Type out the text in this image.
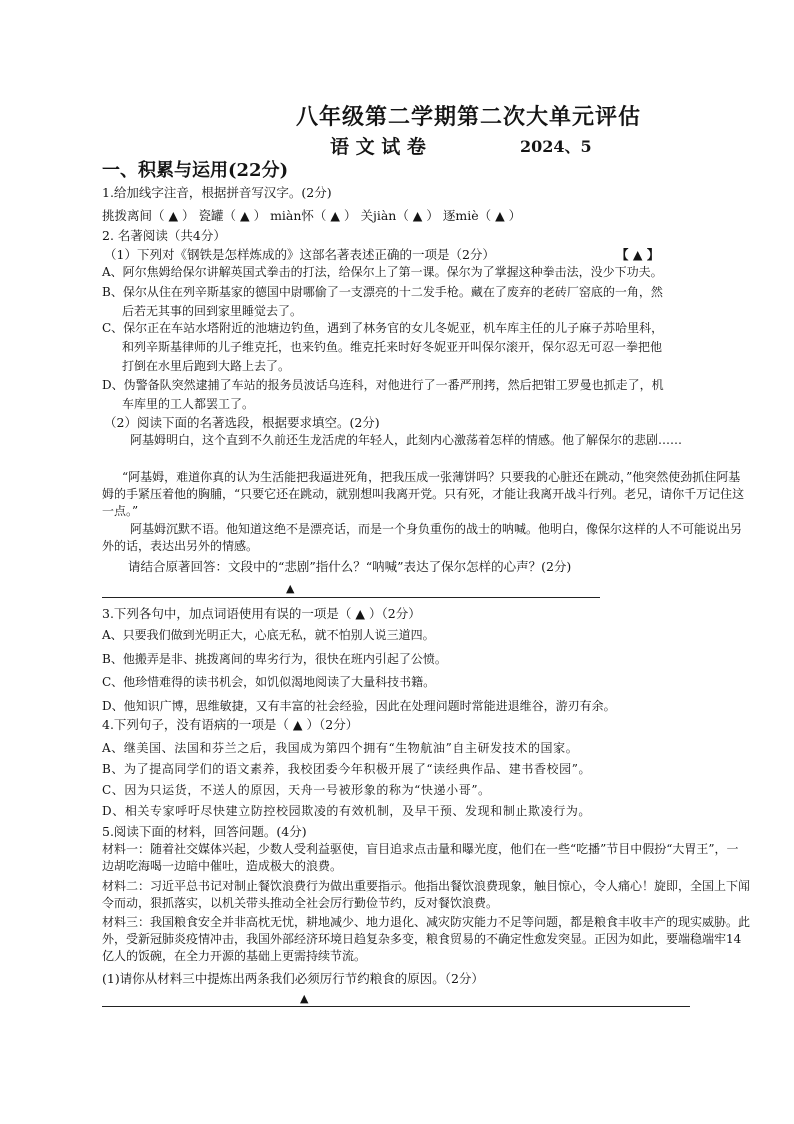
八年级第二学期第二次大单元评估
语 文 试 卷	2024、5
一、积累与运用(22分)
1.给加线字注音，根据拼音写汉字。(2分)
挑拨离间（ ▲ ） 瓷罐（ ▲ ） miàn怀（ ▲ ） 关jiàn（ ▲ ） 逐miè（ ▲ ）
2. 名著阅读（共4分）
（1）下列对《钢铁是怎样炼成的》这部名著表述正确的一项是（2分）	【 ▲ 】
A、阿尔焦姆给保尔讲解英国式拳击的打法，给保尔上了第一课。保尔为了掌握这种拳击法，没少下功夫。
B、保尔从住在列辛斯基家的德国中尉哪偷了一支漂亮的十二发手枪。藏在了废弃的老砖厂窑底的一角，然
后若无其事的回到家里睡觉去了。
C、保尔正在车站水塔附近的池塘边钓鱼，遇到了林务官的女儿冬妮亚，机车库主任的儿子麻子苏哈里科，
和列辛斯基律师的儿子维克托，也来钓鱼。维克托来时好冬妮亚开叫保尔滚开，保尔忍无可忍一拳把他
打倒在水里后跑到大路上去了。
D、伪警备队突然逮捕了车站的报务员波话乌连科，对他进行了一番严刑拷，然后把钳工罗曼也抓走了，机
车库里的工人都罢工了。
（2）阅读下面的名著选段，根据要求填空。(2分)
阿基姆明白，这个直到不久前还生龙活虎的年轻人，此刻内心激荡着怎样的情感。他了解保尔的悲剧……
“阿基姆，难道你真的认为生活能把我逼进死角，把我压成一张薄饼吗？只要我的心脏还在跳动，”他突然使劲抓住阿基姆的手紧压着他的胸脯，“只要它还在跳动，就别想叫我离开党。只有死，才能让我离开战斗行列。老兄，请你千万记住这一点。”
阿基姆沉默不语。他知道这绝不是漂亮话，而是一个身负重伤的战士的呐喊。他明白，像保尔这样的人不可能说出另外的话，表达出另外的情感。
请结合原著回答：文段中的“悲剧”指什么？“呐喊”表达了保尔怎样的心声？(2分)
▲
3.下列各句中，加点词语使用有误的一项是（ ▲ ）（2分）
A、只要我们做到光明正大，心底无私，就不怕别人说三道四。
B、他搬弄是非、挑拨离间的卑劣行为，很快在班内引起了公愤。
C、他珍惜难得的读书机会，如饥似渴地阅读了大量科技书籍。
D、他知识广博，思维敏捷，又有丰富的社会经验，因此在处理问题时常能进退维谷，游刃有余。
4.下列句子，没有语病的一项是（ ▲ ）（2分）
A、继美国、法国和芬兰之后，我国成为第四个拥有“生物航油”自主研发技术的国家。
B、为了提高同学们的语文素养，我校团委今年积极开展了“读经典作品、建书香校园”。
C、因为只运货，不送人的原因，天舟一号被形象的称为“快递小哥”。
D、相关专家呼吁尽快建立防控校园欺凌的有效机制，及早干预、发现和制止欺凌行为。
5.阅读下面的材料，回答问题。(4分)
材料一：随着社交媒体兴起，少数人受利益驱使，盲目追求点击量和曝光度，他们在一些“吃播”节目中假扮“大胃王”，一边胡吃海喝一边暗中催吐，造成极大的浪费。
材料二：习近平总书记对制止餐饮浪费行为做出重要指示。他指出餐饮浪费现象，触目惊心，令人痛心！旋即，全国上下闻令而动，狠抓落实，以机关带头推动全社会厉行勤俭节约，反对餐饮浪费。
材料三：我国粮食安全并非高枕无忧，耕地减少、地力退化、减灾防灾能力不足等问题，都是粮食丰收丰产的现实威胁。此外，受新冠肺炎疫情冲击，我国外部经济环境日趋复杂多变，粮食贸易的不确定性愈发突显。正因为如此，要端稳端牢14亿人的饭碗，在全力开源的基础上更需持续节流。
(1)请你从材料三中提炼出两条我们必须厉行节约粮食的原因。（2分）
▲
